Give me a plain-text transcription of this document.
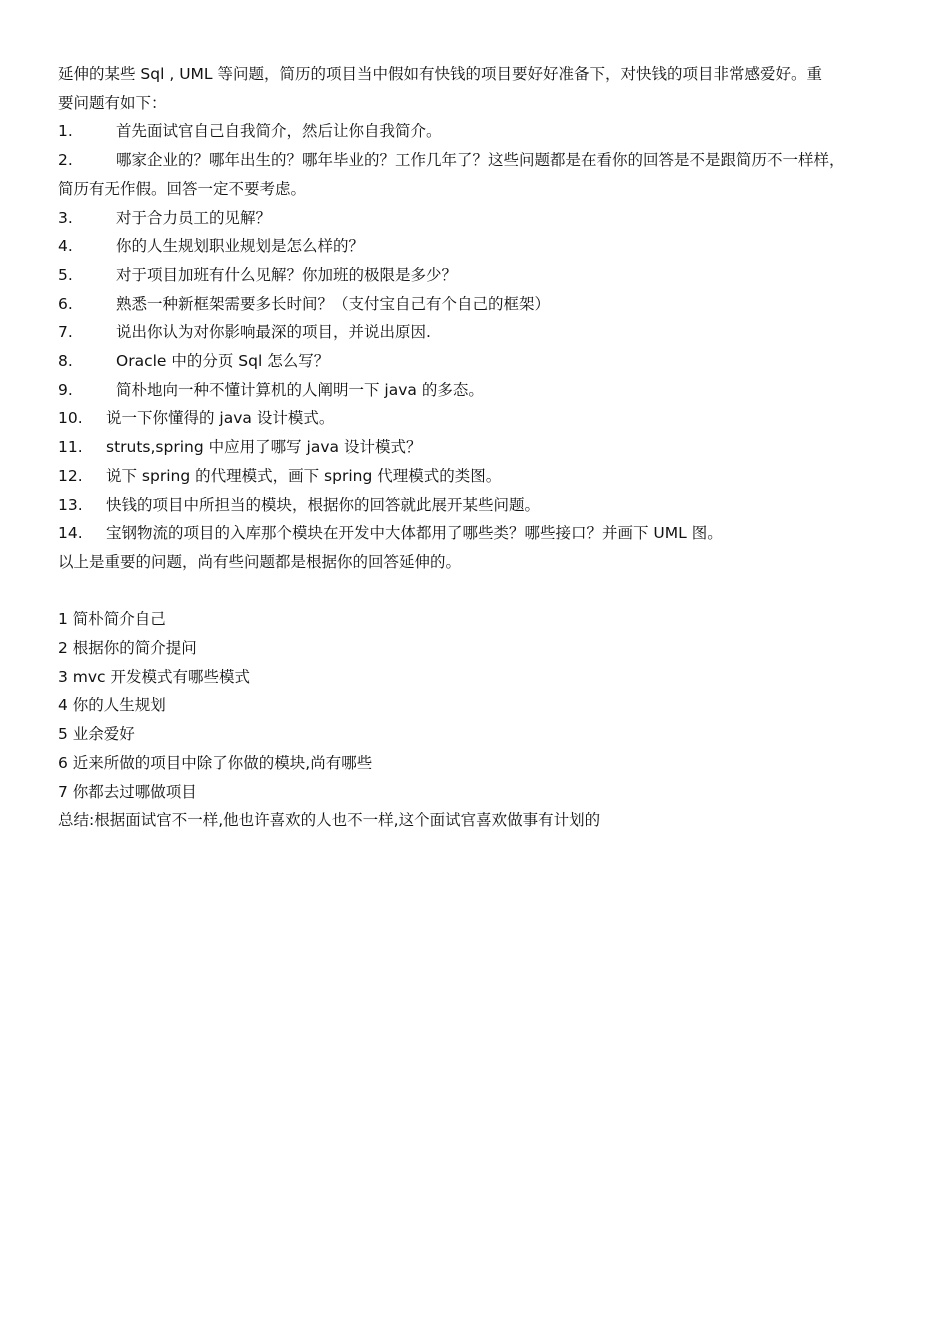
延伸的某些 Sql , UML 等问题，简历的项目当中假如有快钱的项目要好好准备下，对快钱的项目非常感爱好。重
要问题有如下：

1.	首先面试官自己自我简介，然后让你自我简介。
2.	哪家企业的？哪年出生的？哪年毕业的？工作几年了？这些问题都是在看你的回答是不是跟简历不一样样，
简历有无作假。回答一定不要考虑。
3.	对于合力员工的见解？
4.	你的人生规划职业规划是怎么样的？
5.	对于项目加班有什么见解？你加班的极限是多少？
6.	熟悉一种新框架需要多长时间？（支付宝自己有个自己的框架）
7.	说出你认为对你影响最深的项目，并说出原因.
8.	Oracle 中的分页 Sql 怎么写？
9.	简朴地向一种不懂计算机的人阐明一下 java 的多态。
10.	说一下你懂得的 java 设计模式。
11.	struts,spring 中应用了哪写 java 设计模式？
12.	说下 spring 的代理模式，画下 spring 代理模式的类图。
13.	快钱的项目中所担当的模块，根据你的回答就此展开某些问题。
14.	宝钢物流的项目的入库那个模块在开发中大体都用了哪些类？哪些接口？并画下 UML 图。

以上是重要的问题，尚有些问题都是根据你的回答延伸的。

1 简朴简介自己

2 根据你的简介提问

3 mvc 开发模式有哪些模式

4 你的人生规划

5 业余爱好

6 近来所做的项目中除了你做的模块,尚有哪些

7 你都去过哪做项目

总结:根据面试官不一样,他也许喜欢的人也不一样,这个面试官喜欢做事有计划的
